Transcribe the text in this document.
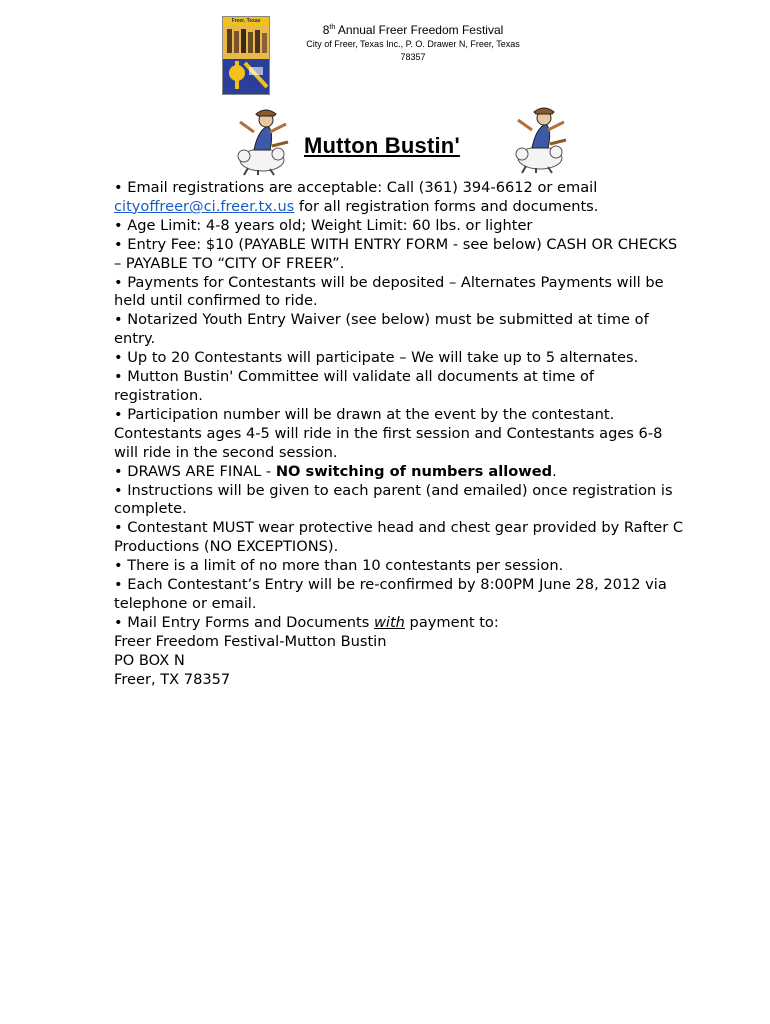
Freer, Texas
8th Annual Freer Freedom Festival
City of Freer, Texas Inc., P. O. Drawer N, Freer, Texas
78357
Mutton Bustin'

• Email registrations are acceptable: Call (361) 394-6612 or email
cityoffreer@ci.freer.tx.us for all registration forms and documents.

• Age Limit: 4-8 years old; Weight Limit: 60 lbs. or lighter

• Entry Fee: $10 (PAYABLE WITH ENTRY FORM - see below) CASH OR CHECKS – PAYABLE TO “CITY OF FREER”.

• Payments for Contestants will be deposited – Alternates Payments will be held until confirmed to ride.

• Notarized Youth Entry Waiver (see below) must be submitted at time of entry.

• Up to 20 Contestants will participate – We will take up to 5 alternates.

• Mutton Bustin' Committee will validate all documents at time of registration.

• Participation number will be drawn at the event by the contestant. Contestants ages 4-5 will ride in the first session and Contestants ages 6-8 will ride in the second session.

• DRAWS ARE FINAL - NO switching of numbers allowed.

• Instructions will be given to each parent (and emailed) once registration is complete.

• Contestant MUST wear protective head and chest gear provided by Rafter C Productions (NO EXCEPTIONS).

• There is a limit of no more than 10 contestants per session.

• Each Contestant’s Entry will be re-confirmed by 8:00PM June 28, 2012 via telephone or email.

• Mail Entry Forms and Documents with payment to:

Freer Freedom Festival-Mutton Bustin

PO BOX N

Freer, TX 78357
